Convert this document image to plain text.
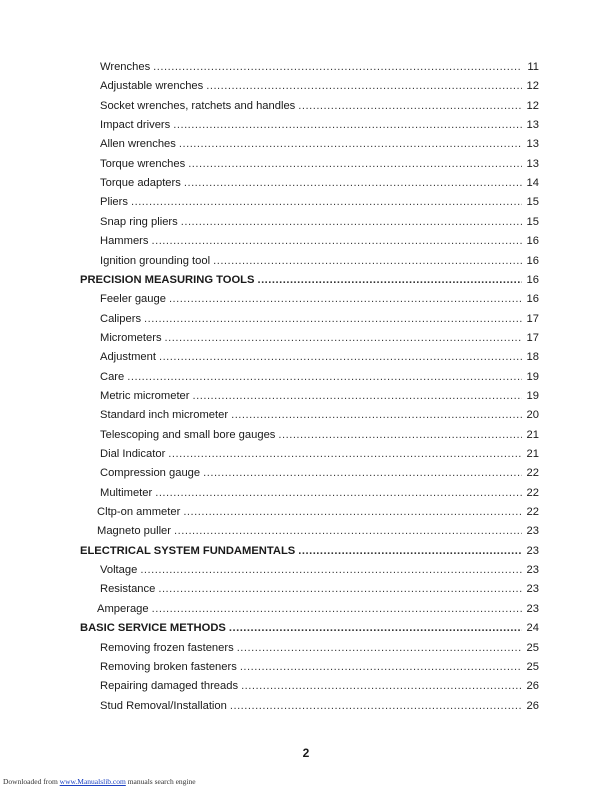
Wrenches .....	11
Adjustable wrenches .....	12
Socket wrenches, ratchets and handles .....	12
Impact drivers .....	13
Allen wrenches .....	13
Torque wrenches .....	13
Torque adapters .....	14
Pliers .....	15
Snap ring pliers .....	15
Hammers .....	16
Ignition grounding tool .....	16
PRECISION MEASURING TOOLS .....	16
Feeler gauge .....	16
Calipers .....	17
Micrometers .....	17
Adjustment .....	18
Care .....	19
Metric micrometer .....	19
Standard inch micrometer .....	20
Telescoping and small bore gauges .....	21
Dial Indicator .....	21
Compression gauge .....	22
Multimeter .....	22
Cltp-on ammeter .....	22
Magneto puller .....	23
ELECTRICAL SYSTEM FUNDAMENTALS .....	23
Voltage .....	23
Resistance .....	23
Amperage .....	23
BASIC SERVICE METHODS .....	24
Removing frozen fasteners .....	25
Removing broken fasteners .....	25
Repairing damaged threads .....	26
Stud Removal/Installation .....	26
2
Downloaded from www.Manualslib.com manuals search engine
